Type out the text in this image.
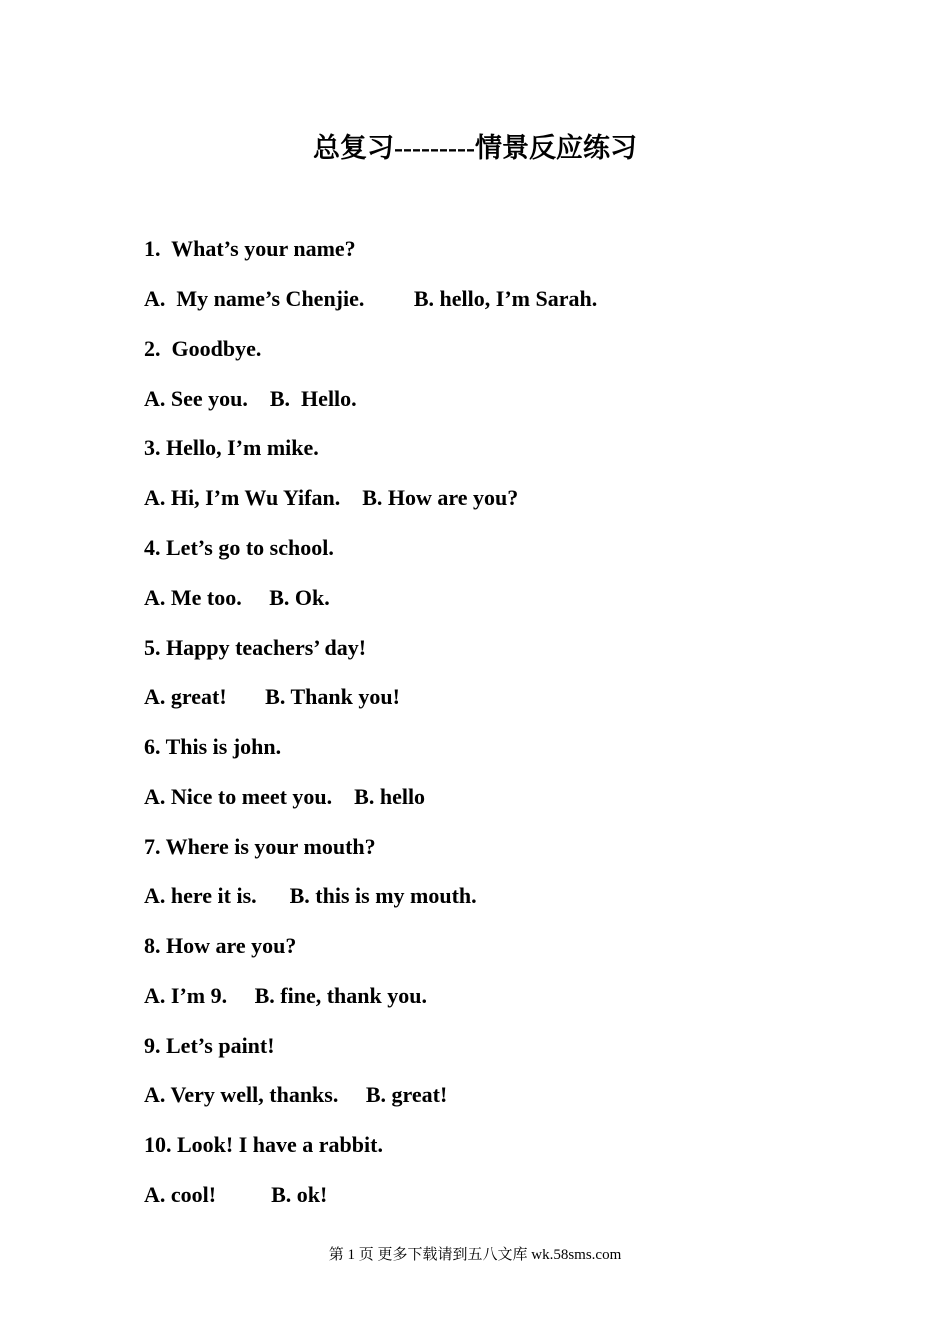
总复习---------情景反应练习
1.  What’s your name?
A.  My name’s Chenjie.         B. hello, I’m Sarah.
2.  Goodbye.
A. See you.    B.  Hello.
3. Hello, I’m mike.
A. Hi, I’m Wu Yifan.    B. How are you?
4. Let’s go to school.
A. Me too.     B. Ok.
5. Happy teachers’ day!
A. great!       B. Thank you!
6. This is john.
A. Nice to meet you.    B. hello
7. Where is your mouth?
A. here it is.      B. this is my mouth.
8. How are you?
A. I’m 9.     B. fine, thank you.
9. Let’s paint!
A. Very well, thanks.     B. great!
10. Look! I have a rabbit.
A. cool!          B. ok!
第 1 页 更多下载请到五八文库 wk.58sms.com
